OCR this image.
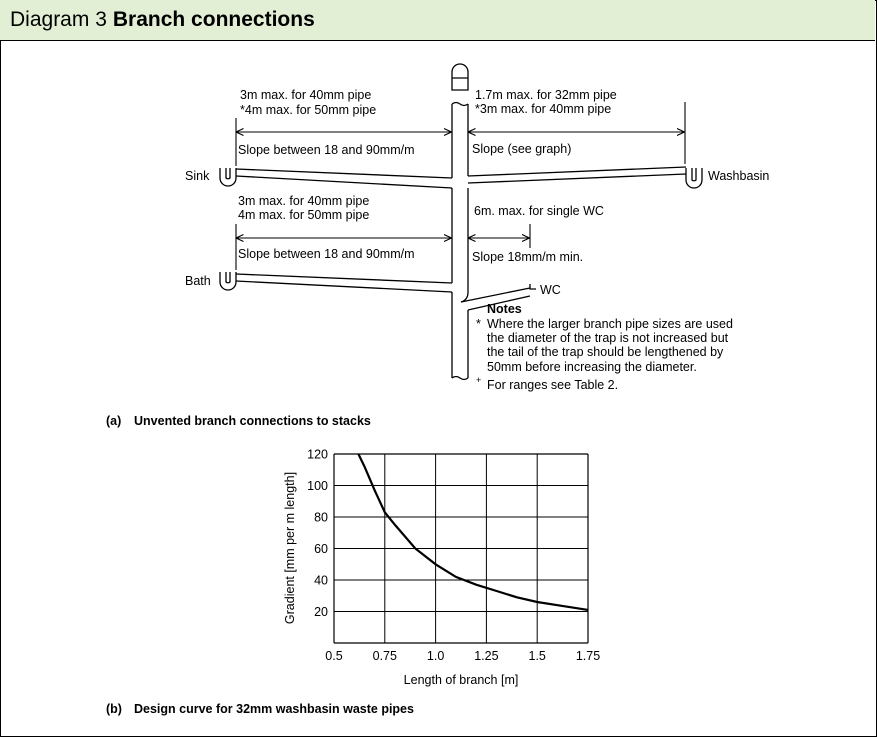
Diagram 3 Branch connections
Sink
Bath
Washbasin
WC
3m max. for 40mm pipe
*4m max. for 50mm pipe
Slope between 18 and 90mm/m
3m max. for 40mm pipe
4m max. for 50mm pipe
Slope between 18 and 90mm/m
1.7m max. for 32mm pipe
*3m max. for 40mm pipe
Slope (see graph)
6m. max. for single WC
Slope 18mm/m min.
Notes
* Where the larger branch pipe sizes are used
the diameter of the trap is not increased but
the tail of the trap should be lengthened by
50mm before increasing the diameter.
+ For ranges see Table 2.
(a) Unvented branch connections to stacks
20
40
60
80
100
120
0.5 0.75 1.0 1.25 1.5 1.75
Gradient [mm per m length]
Length of branch [m]
(b) Design curve for 32mm washbasin waste pipes
